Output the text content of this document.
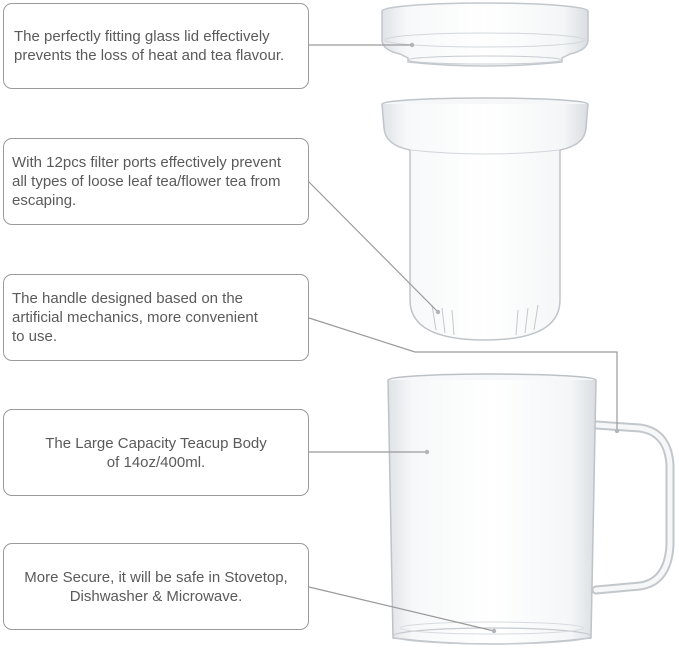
The perfectly fitting glass lid effectively
prevents the loss of heat and tea flavour.
With 12pcs filter ports effectively prevent
all types of loose leaf tea/flower tea from
escaping.
The handle designed based on the
artificial mechanics, more convenient
to use.
The Large Capacity Teacup Body
of 14oz/400ml.
More Secure, it will be safe in Stovetop,
Dishwasher & Microwave.
